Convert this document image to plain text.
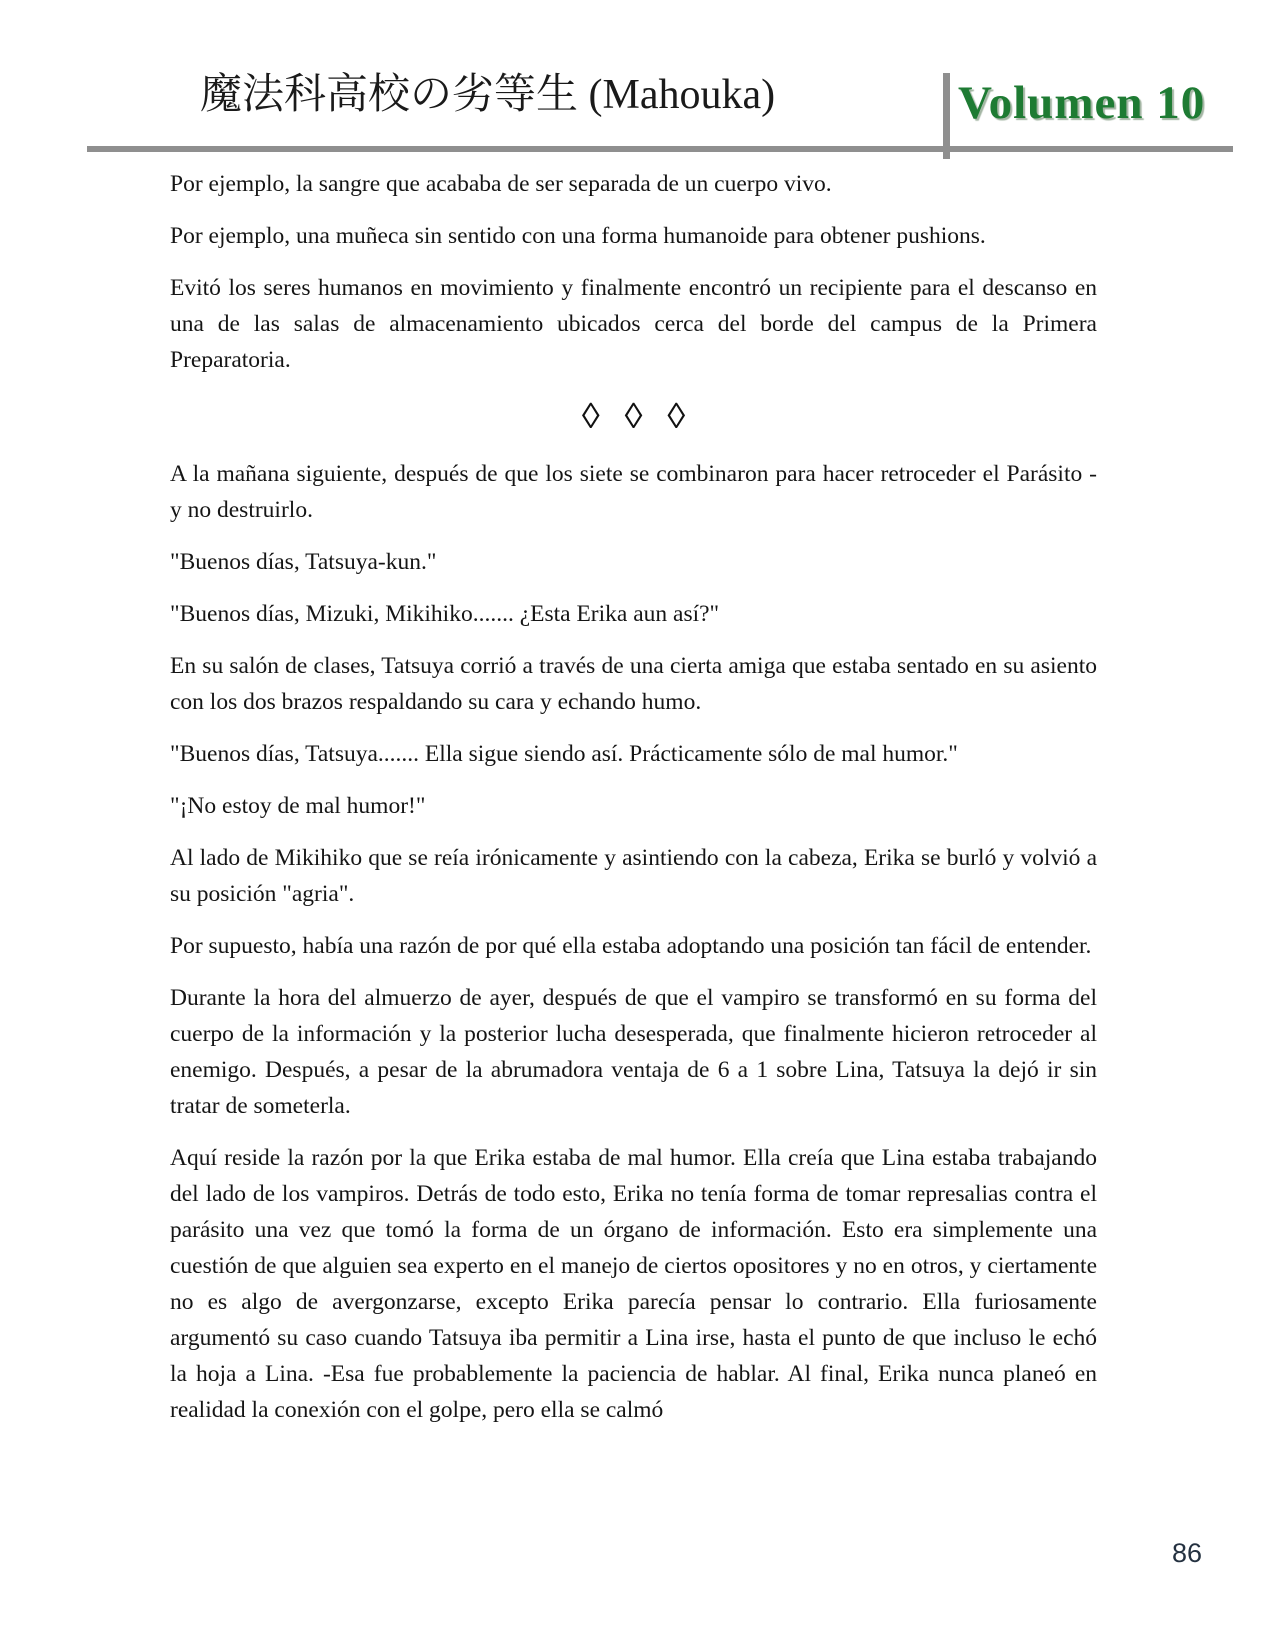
魔法科高校の劣等生 (Mahouka)	Volumen 10

Por ejemplo, la sangre que acababa de ser separada de un cuerpo vivo.

Por ejemplo, una muñeca sin sentido con una forma humanoide para obtener pushions.

Evitó los seres humanos en movimiento y finalmente encontró un recipiente para el descanso en una de las salas de almacenamiento ubicados cerca del borde del campus de la Primera Preparatoria.

◊ ◊ ◊

A la mañana siguiente, después de que los siete se combinaron para hacer retroceder el Parásito - y no destruirlo.

"Buenos días, Tatsuya-kun."

"Buenos días, Mizuki, Mikihiko....... ¿Esta Erika aun así?"

En su salón de clases, Tatsuya corrió a través de una cierta amiga que estaba sentado en su asiento con los dos brazos respaldando su cara y echando humo.

"Buenos días, Tatsuya....... Ella sigue siendo así. Prácticamente sólo de mal humor."

"¡No estoy de mal humor!"

Al lado de Mikihiko que se reía irónicamente y asintiendo con la cabeza, Erika se burló y volvió a su posición "agria".

Por supuesto, había una razón de por qué ella estaba adoptando una posición tan fácil de entender.

Durante la hora del almuerzo de ayer, después de que el vampiro se transformó en su forma del cuerpo de la información y la posterior lucha desesperada, que finalmente hicieron retroceder al enemigo. Después, a pesar de la abrumadora ventaja de 6 a 1 sobre Lina, Tatsuya la dejó ir sin tratar de someterla.

Aquí reside la razón por la que Erika estaba de mal humor. Ella creía que Lina estaba trabajando del lado de los vampiros. Detrás de todo esto, Erika no tenía forma de tomar represalias contra el parásito una vez que tomó la forma de un órgano de información. Esto era simplemente una cuestión de que alguien sea experto en el manejo de ciertos opositores y no en otros, y ciertamente no es algo de avergonzarse, excepto Erika parecía pensar lo contrario. Ella furiosamente argumentó su caso cuando Tatsuya iba permitir a Lina irse, hasta el punto de que incluso le echó la hoja a Lina. -Esa fue probablemente la paciencia de hablar. Al final, Erika nunca planeó en realidad la conexión con el golpe, pero ella se calmó

86
